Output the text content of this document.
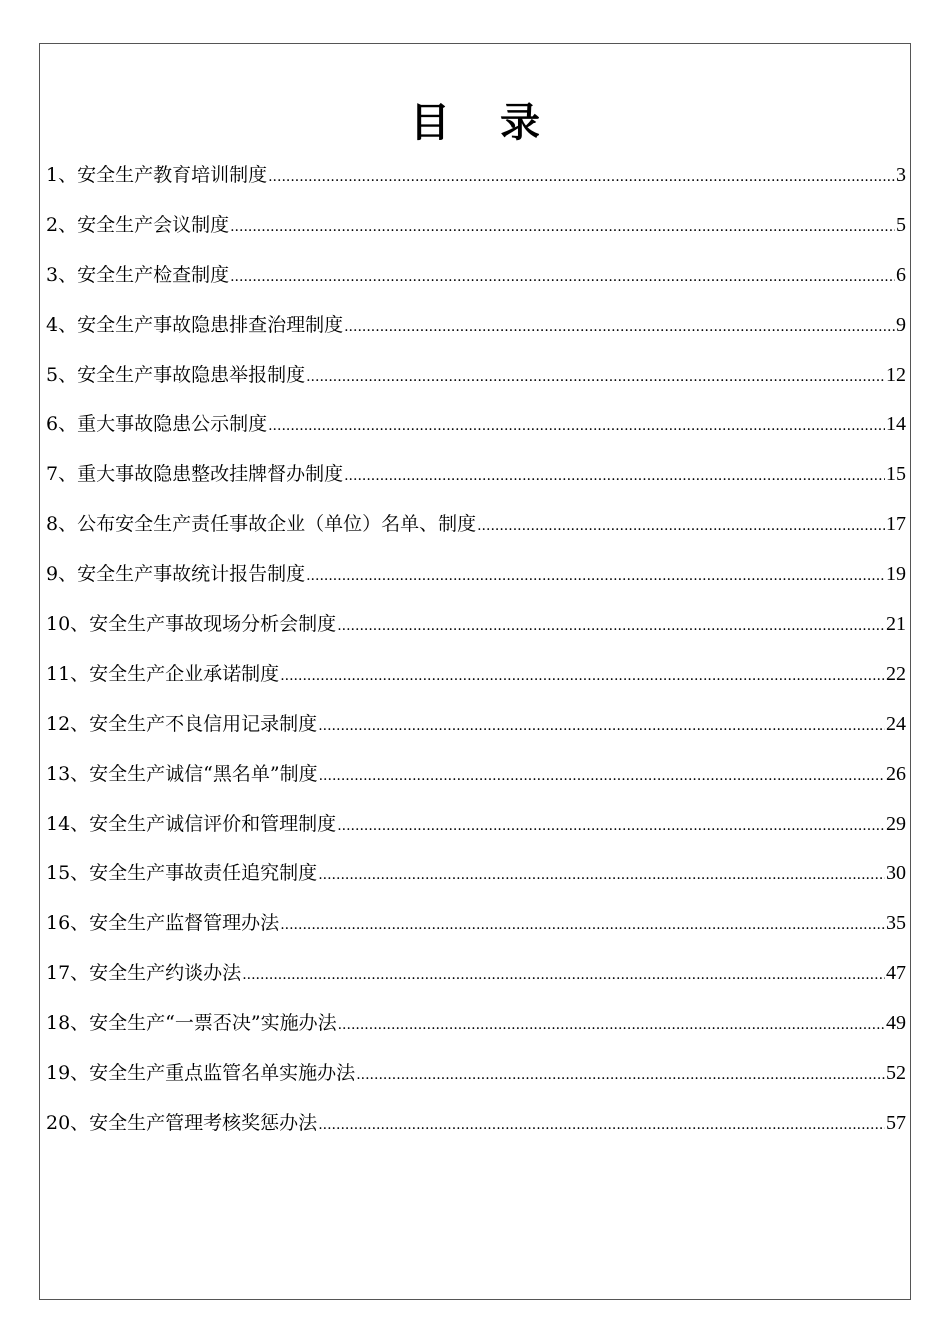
目 录
1、安全生产教育培训制度 .....	3
2、安全生产会议制度 .....	5
3、安全生产检查制度 .....	6
4、安全生产事故隐患排查治理制度 .....	9
5、安全生产事故隐患举报制度 .....	12
6、重大事故隐患公示制度 .....	14
7、重大事故隐患整改挂牌督办制度 .....	15
8、公布安全生产责任事故企业（单位）名单、制度 .....	17
9、安全生产事故统计报告制度 .....	19
10、安全生产事故现场分析会制度 .....	21
11、安全生产企业承诺制度 .....	22
12、安全生产不良信用记录制度 .....	24
13、安全生产诚信“黑名单”制度 .....	26
14、安全生产诚信评价和管理制度 .....	29
15、安全生产事故责任追究制度 .....	30
16、安全生产监督管理办法 .....	35
17、安全生产约谈办法 .....	47
18、安全生产“一票否决”实施办法 .....	49
19、安全生产重点监管名单实施办法 .....	52
20、安全生产管理考核奖惩办法 .....	57
